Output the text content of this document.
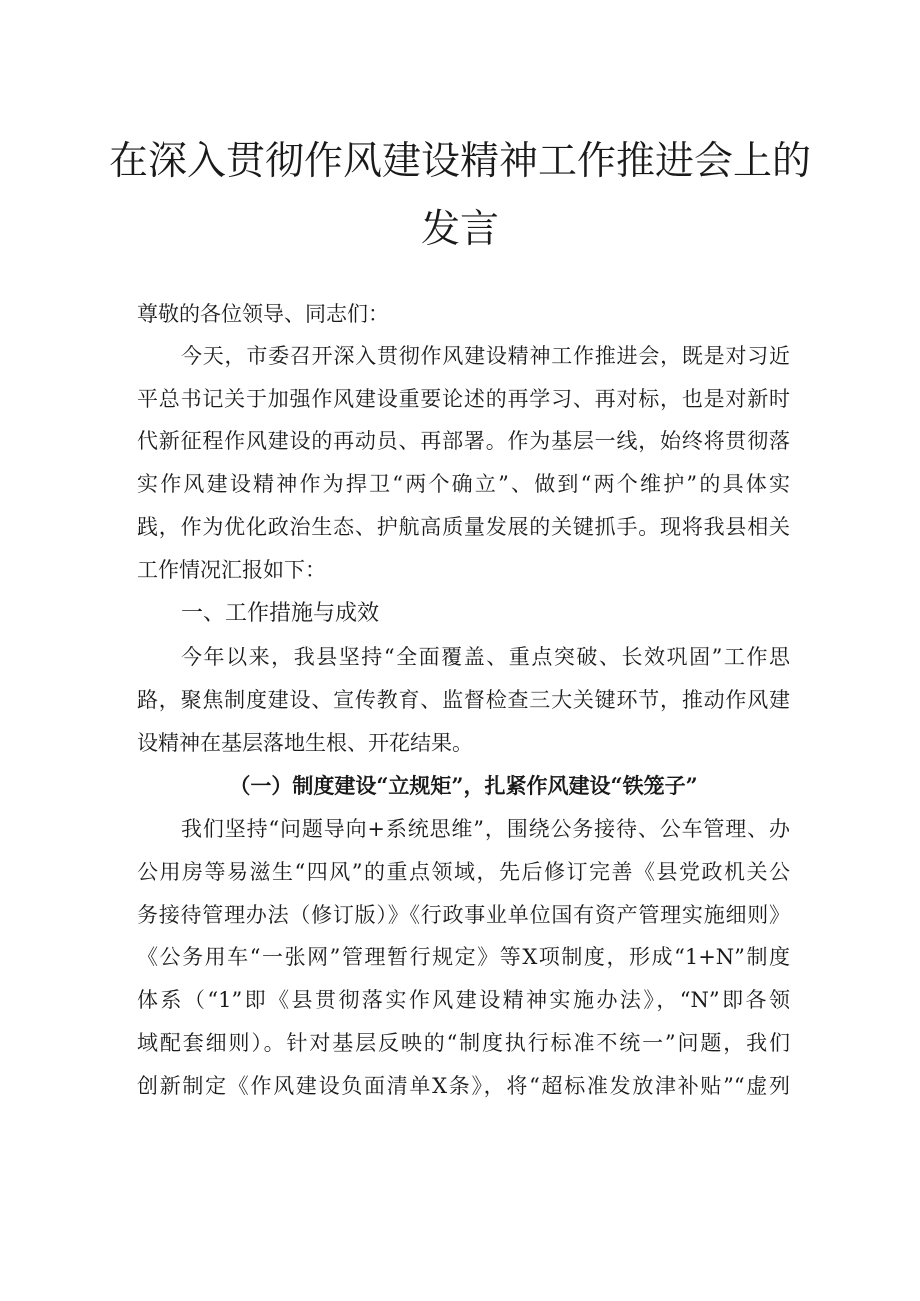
在深入贯彻作风建设精神工作推进会上的
发言
尊敬的各位领导、同志们：
今天，市委召开深入贯彻作风建设精神工作推进会，既是对习近
平总书记关于加强作风建设重要论述的再学习、再对标，也是对新时
代新征程作风建设的再动员、再部署。作为基层一线，始终将贯彻落
实作风建设精神作为捍卫“两个确立”、做到“两个维护”的具体实
践，作为优化政治生态、护航高质量发展的关键抓手。现将我县相关
工作情况汇报如下：
一、工作措施与成效
今年以来，我县坚持“全面覆盖、重点突破、长效巩固”工作思
路，聚焦制度建设、宣传教育、监督检查三大关键环节，推动作风建
设精神在基层落地生根、开花结果。
（一）制度建设“立规矩”，扎紧作风建设“铁笼子”
我们坚持“问题导向+系统思维”，围绕公务接待、公车管理、办
公用房等易滋生“四风”的重点领域，先后修订完善《县党政机关公
务接待管理办法（修订版）》《行政事业单位国有资产管理实施细则》
《公务用车“一张网”管理暂行规定》等X项制度，形成“1+N”制度
体系（“1”即《县贯彻落实作风建设精神实施办法》，“N”即各领
域配套细则）。针对基层反映的“制度执行标准不统一”问题，我们
创新制定《作风建设负面清单X条》，将“超标准发放津补贴”“虚列
